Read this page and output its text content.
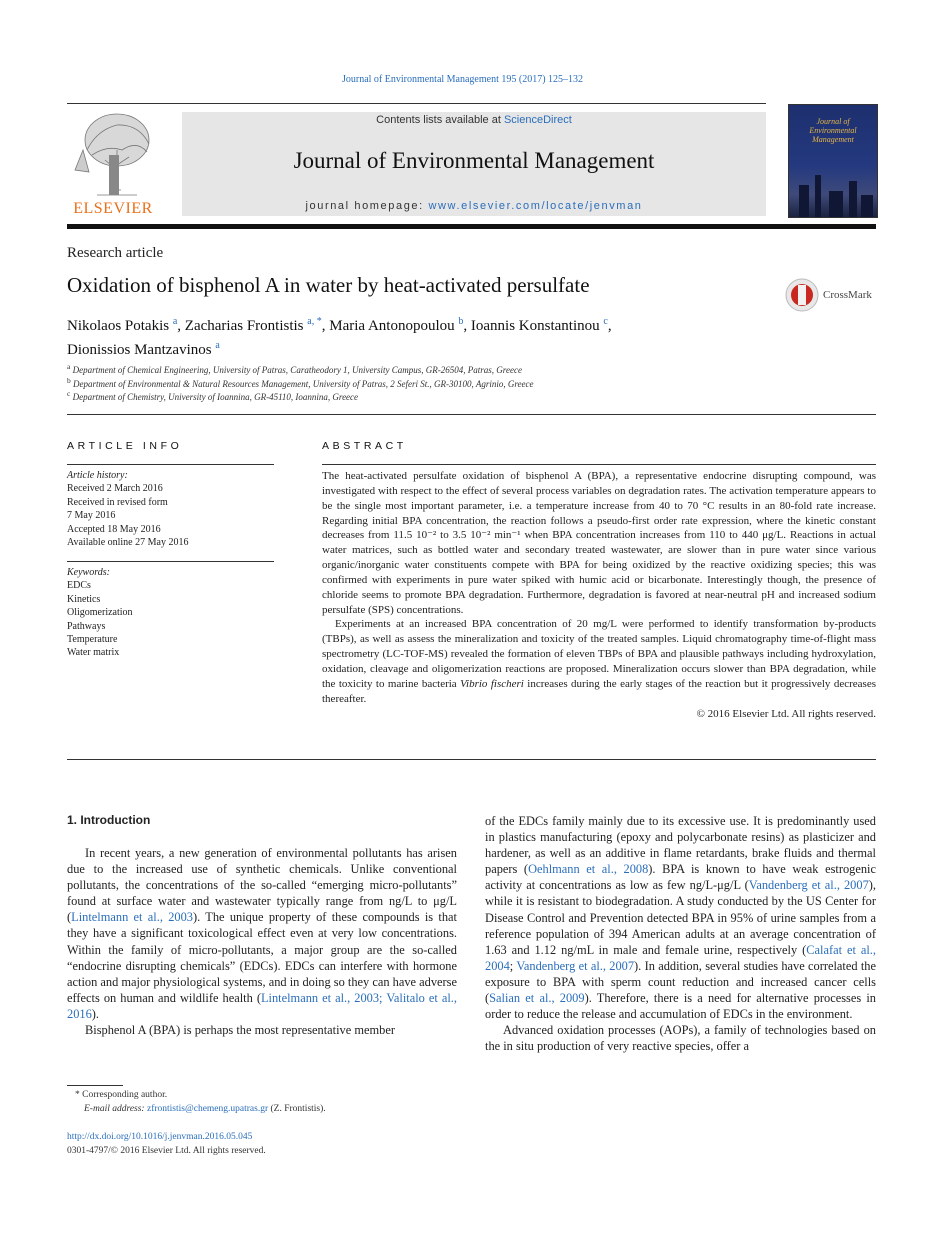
Journal of Environmental Management 195 (2017) 125–132
ELSEVIER
Contents lists available at ScienceDirect
Journal of Environmental Management
journal homepage: www.elsevier.com/locate/jenvman
Journal of Environmental Management
Research article
Oxidation of bisphenol A in water by heat-activated persulfate	CrossMark
Nikolaos Potakis $^a$, Zacharias Frontistis $^{a, *}$, Maria Antonopoulou $^b$, Ioannis Konstantinou $^c$,
Dionissios Mantzavinos $^a$
$^a$ Department of Chemical Engineering, University of Patras, Caratheodory 1, University Campus, GR-26504, Patras, Greece
$^b$ Department of Environmental & Natural Resources Management, University of Patras, 2 Seferi St., GR-30100, Agrinio, Greece
$^c$ Department of Chemistry, University of Ioannina, GR-45110, Ioannina, Greece
ARTICLE INFO
Article history:
Received 2 March 2016
Received in revised form
7 May 2016
Accepted 18 May 2016
Available online 27 May 2016
Keywords:
EDCs
Kinetics
Oligomerization
Pathways
Temperature
Water matrix
ABSTRACT

The heat-activated persulfate oxidation of bisphenol A (BPA), a representative endocrine disrupting compound, was investigated with respect to the effect of several process variables on degradation rates. The activation temperature appears to be the single most important parameter, i.e. a temperature increase from 40 to 70 °C results in an 80-fold rate increase. Regarding initial BPA concentration, the reaction follows a pseudo-first order rate expression, where the kinetic constant decreases from 11.5 10⁻² to 3.5 10⁻² min⁻¹ when BPA concentration increases from 110 to 440 μg/L. Reactions in actual water matrices, such as bottled water and secondary treated wastewater, are slower than in pure water since various organic/inorganic water constituents compete with BPA for being oxidized by the reactive oxidizing species; this was confirmed with experiments in pure water spiked with humic acid or bicarbonate. Interestingly though, the presence of chloride seems to promote BPA degradation. Furthermore, degradation is favored at near-neutral pH and increased sodium persulfate (SPS) concentrations.

Experiments at an increased BPA concentration of 20 mg/L were performed to identify transformation by-products (TBPs), as well as assess the mineralization and toxicity of the treated samples. Liquid chromatography time-of-flight mass spectrometry (LC-TOF-MS) revealed the formation of eleven TBPs of BPA and plausible pathways including hydroxylation, oxidation, cleavage and oligomerization reactions are proposed. Mineralization occurs slower than BPA degradation, while the toxicity to marine bacteria Vibrio fischeri increases during the early stages of the reaction but it progressively decreases thereafter.

© 2016 Elsevier Ltd. All rights reserved.

1. Introduction

In recent years, a new generation of environmental pollutants has arisen due to the increased use of synthetic chemicals. Unlike conventional pollutants, the concentrations of the so-called “emerging micro-pollutants” found at surface water and wastewater typically range from ng/L to μg/L (Lintelmann et al., 2003). The unique property of these compounds is that they have a significant toxicological effect even at very low concentrations. Within the family of micro-pollutants, a major group are the so-called “endocrine disrupting chemicals” (EDCs). EDCs can interfere with hormone action and major physiological systems, and in doing so they can have adverse effects on human and wildlife health (Lintelmann et al., 2003; Valitalo et al., 2016).

Bisphenol A (BPA) is perhaps the most representative member

of the EDCs family mainly due to its excessive use. It is predominantly used in plastics manufacturing (epoxy and polycarbonate resins) as plasticizer and hardener, as well as an additive in flame retardants, brake fluids and thermal papers (Oehlmann et al., 2008). BPA is known to have weak estrogenic activity at concentrations as low as few ng/L-μg/L (Vandenberg et al., 2007), while it is resistant to biodegradation. A study conducted by the US Center for Disease Control and Prevention detected BPA in 95% of urine samples from a reference population of 394 American adults at an average concentration of 1.63 and 1.12 ng/mL in male and female urine, respectively (Calafat et al., 2004; Vandenberg et al., 2007). In addition, several studies have correlated the exposure to BPA with sperm count reduction and increased cancer cells (Salian et al., 2009). Therefore, there is a need for alternative processes in order to reduce the release and accumulation of EDCs in the environment.

Advanced oxidation processes (AOPs), a family of technologies based on the in situ production of very reactive species, offer a

* Corresponding author.
E-mail address: zfrontistis@chemeng.upatras.gr (Z. Frontistis).
http://dx.doi.org/10.1016/j.jenvman.2016.05.045
0301-4797/© 2016 Elsevier Ltd. All rights reserved.
